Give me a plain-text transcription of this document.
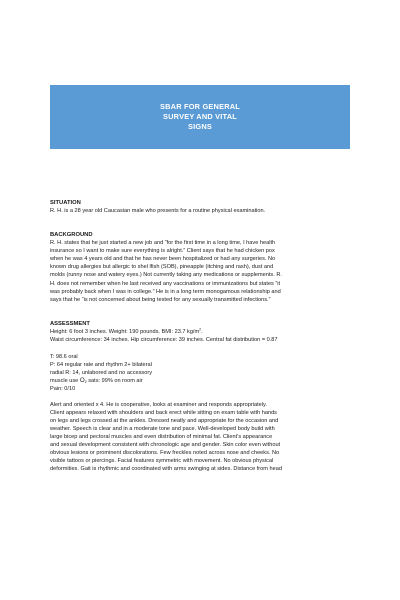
SBAR FOR GENERAL
SURVEY AND VITAL
SIGNS

SITUATION

R. H. is a 28 year old Caucasian male who presents for a routine physical examination.

BACKGROUND

R. H. states that he just started a new job and “for the first time in a long time, I have health
insurance so I want to make sure everything is alright.” Client says that he had chicken pox
when he was 4 years old and that he has never been hospitalized or had any surgeries. No
known drug allergies but allergic to shel lfish (SOB), pineapple (itching and rash), dust and
molds (runny nose and watery eyes.) Not currently taking any medications or supplements. R.
H. does not remember when he last received any vaccinations or immunizations but states “it
was probably back when I was in college.” He is in a long term monogamous relationship and
says that he “is not concerned about being tested for any sexually transmitted infections.”

ASSESSMENT

Height: 6 foot 3 inches. Weight: 190 pounds. BMI: 23.7 $kg/m^2$.
Waist circumference: 34 inches. Hip circumference: 39 inches. Central fat distribution = 0.87
T: 98.6 oral
P: 64 regular rate and rhythm 2+ bilateral
radial R: 14, unlabored and no accessory
muscle use $O_2$ sats: 99% on room air
Pain: 0/10
Alert and oriented x 4. He is cooperative, looks at examiner and responds appropriately.
Client appears relaxed with shoulders and back erect while sitting on exam table with hands
on legs and legs crossed at the ankles. Dressed neatly and appropriate for the occasion and
weather. Speech is clear and in a moderate tone and pace. Well-developed body build with
large bicep and pectoral muscles and even distribution of minimal fat. Client’s appearance
and sexual development consistent with chronologic age and gender. Skin color even without
obvious lesions or prominent discolorations. Few freckles noted across nose and cheeks. No
visible tattoos or piercings. Facial features symmetric with movement. No obvious physical
deformities. Gait is rhythmic and coordinated with arms swinging at sides. Distance from head
